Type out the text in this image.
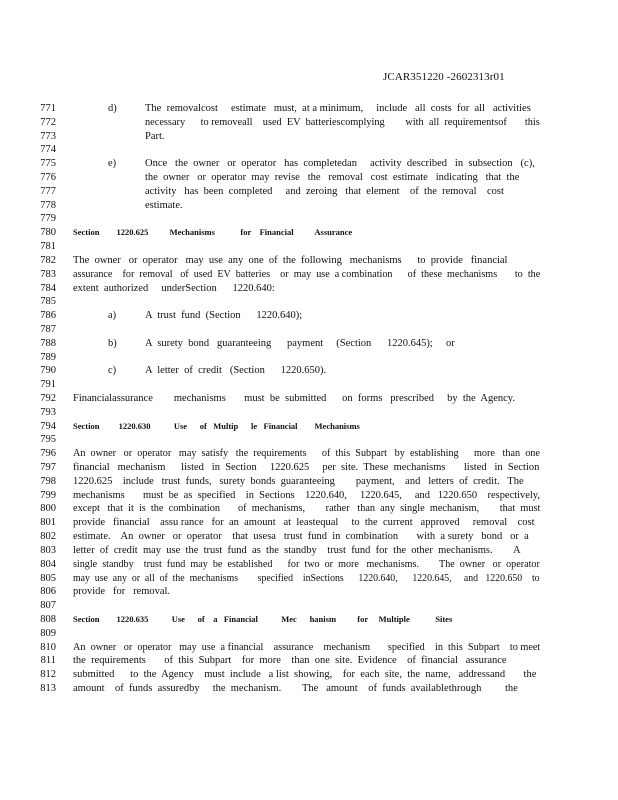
JCAR351220 -2602313r01
771	d)	The  removalcost     estimate   must,  at a minimum,     include   all  costs  for  all   activities
772	necessary      to removeall    used  EV  batteriescomplying        with  all  requirementsof       this
773	Part.
774
775	e)	Once   the  owner   or  operator   has  completedan     activity  described   in  subsection   (c),
776	the  owner   or  operator  may  revise   the   removal   cost  estimate   indicating   that  the
777	activity   has  been  completed     and  zeroing   that  element    of  the  removal    cost
778	estimate.
779
780 Section        1220.625          Mechanisms            for    Financial          Assurance
781
782 The  owner   or  operator   may  use  any  one  of  the  following   mechanisms      to  provide   financial
783 assurance    for  removal   of  used  EV  batteries    or  may  use  a combination      of  these  mechanisms       to  the
784 extent  authorized     underSection      1220.640:
785
786	a)	A  trust  fund  (Section      1220.640);
787
788	b)	A  surety  bond   guaranteeing      payment     (Section      1220.645);     or
789
790	c)	A  letter  of  credit   (Section      1220.650).
791
792 Financialassurance        mechanisms       must  be  submitted      on  forms   prescribed     by  the  Agency.
793
794 Section         1220.630           Use      of   Multip      le   Financial        Mechanisms
795
796 An  owner   or  operator   may  satisfy   the  requirements      of  this  Subpart   by  establishing      more   than  one
797 financial   mechanism      listed   in  Section     1220.625     per  site.  These  mechanisms       listed   in  Section
798 1220.625    include   trust  funds,   surety  bonds  guaranteeing        payment,    and   letters  of  credit.   The
799 mechanisms       must  be  as  specified    in  Sections    1220.640,     1220.645,     and   1220.650    respectively,
800 except   that  it  is  the  combination       of  mechanisms,        rather   than  any  single  mechanism,        that  must
801 provide   financial    assu rance   for  an  amount   at  leastequal     to  the  current   approved     removal    cost
802 estimate.    An  owner   or  operator    that  usesa   trust  fund  in  combination       with  a surety   bond   or  a
803 letter  of  credit  may  use  the  trust  fund  as  the  standby    trust  fund  for  the  other  mechanisms.        A
804 single  standby    trust  fund  may  be  established      for  two  or  more   mechanisms.        The  owner   or  operator
805 may  use  any  or  all  of  the  mechanisms        specified    inSections      1220.640,      1220.645,     and   1220.650    to
806 provide   for   removal.
807
808 Section        1220.635           Use      of    a   Financial           Mec      hanism          for     Multiple            Sites
809
810 An  owner   or  operator   may  use  a financial    assurance    mechanism       specified    in  this  Subpart    to meet
811 the  requirements       of  this  Subpart    for  more    than  one  site.  Evidence    of  financial   assurance
812 submitted      to  the  Agency    must  include   a list  showing,    for  each  site,  the  name,   addressand       the
813 amount    of  funds  assuredby     the  mechanism.        The   amount    of  funds  availablethrough         the
